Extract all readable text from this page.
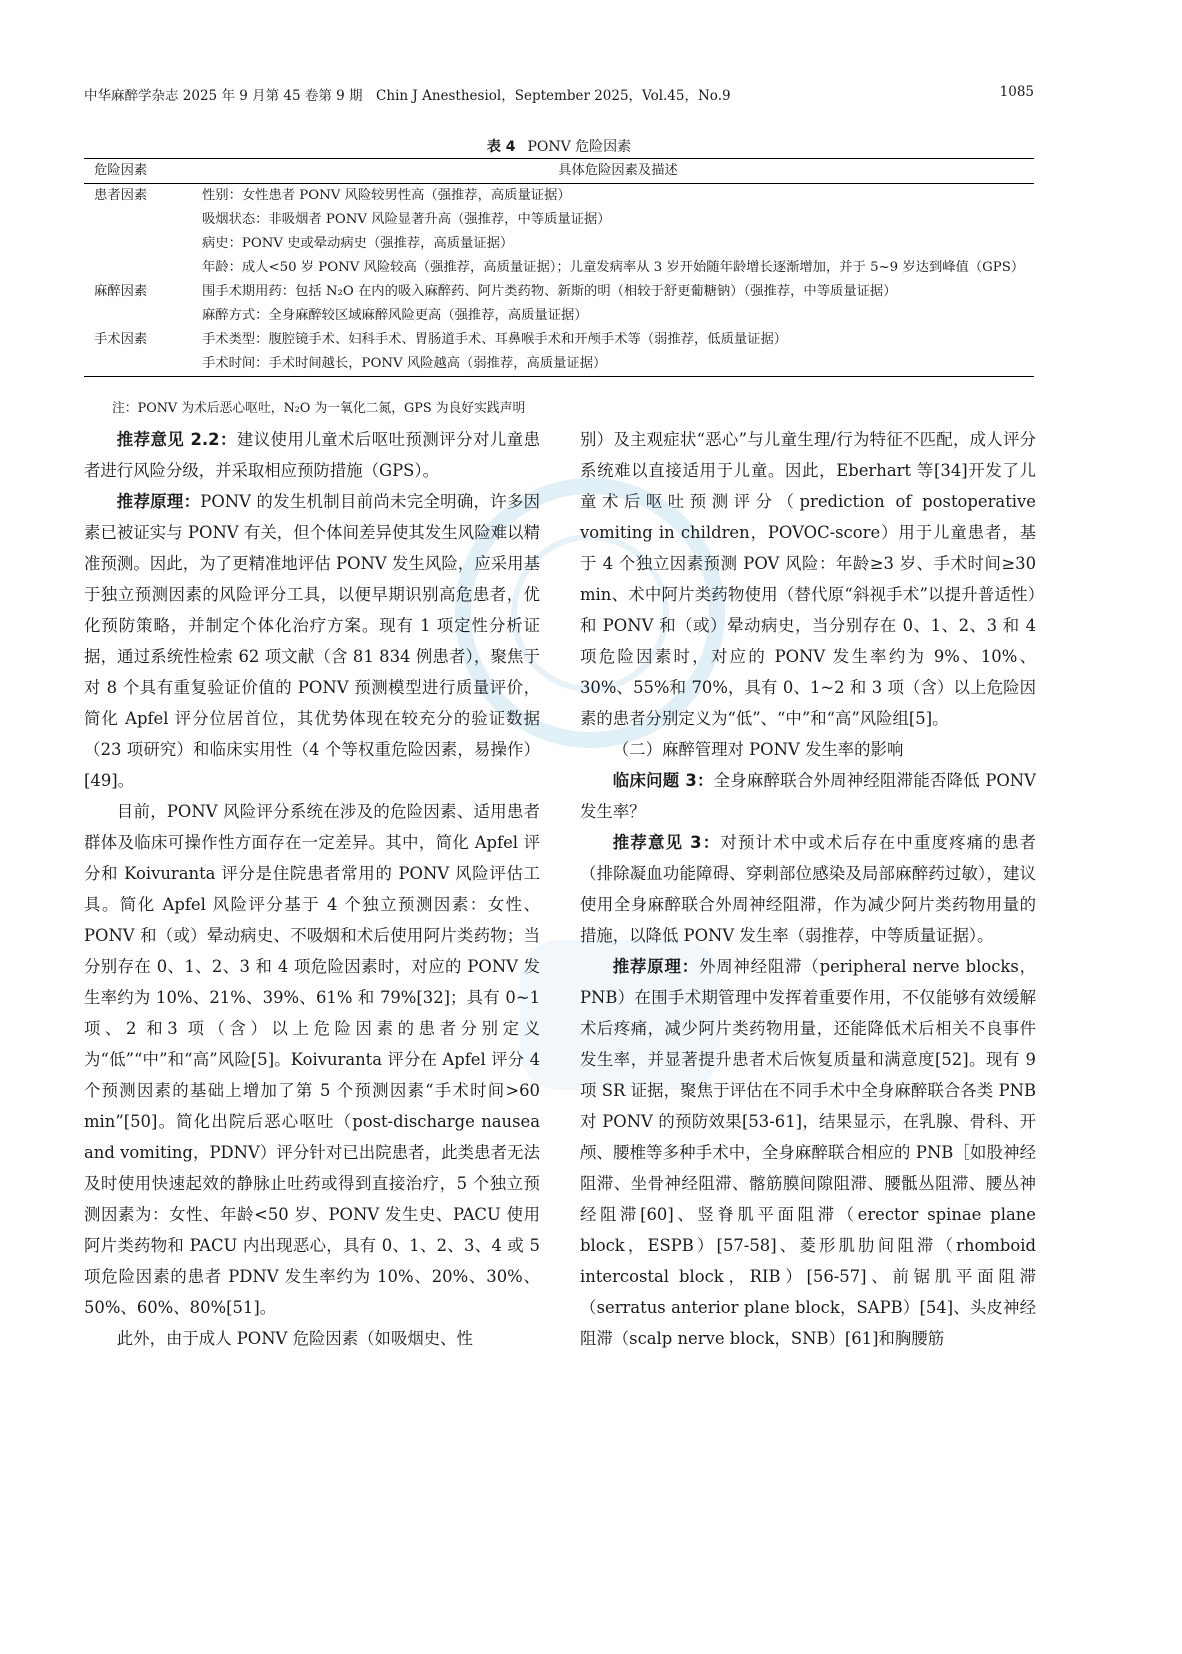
中华麻醉学杂志 2025 年 9 月第 45 卷第 9 期　Chin J Anesthesiol，September 2025，Vol.45，No.9	1085
表 4 PONV 危险因素
危险因素	具体危险因素及描述
患者因素	性别：女性患者 PONV 风险较男性高（强推荐，高质量证据）
吸烟状态：非吸烟者 PONV 风险显著升高（强推荐，中等质量证据）
病史：PONV 史或晕动病史（强推荐，高质量证据）
年龄：成人<50 岁 PONV 风险较高（强推荐，高质量证据）；儿童发病率从 3 岁开始随年龄增长逐渐增加，并于 5~9 岁达到峰值（GPS）
麻醉因素	围手术期用药：包括 N₂O 在内的吸入麻醉药、阿片类药物、新斯的明（相较于舒更葡糖钠）（强推荐，中等质量证据）
麻醉方式：全身麻醉较区域麻醉风险更高（强推荐，高质量证据）
手术因素	手术类型：腹腔镜手术、妇科手术、胃肠道手术、耳鼻喉手术和开颅手术等（弱推荐，低质量证据）
手术时间：手术时间越长，PONV 风险越高（弱推荐，高质量证据）
注：PONV 为术后恶心呕吐，N₂O 为一氧化二氮，GPS 为良好实践声明

推荐意见 2.2：建议使用儿童术后呕吐预测评分对儿童患者进行风险分级，并采取相应预防措施（GPS）。

推荐原理：PONV 的发生机制目前尚未完全明确，许多因素已被证实与 PONV 有关，但个体间差异使其发生风险难以精准预测。因此，为了更精准地评估 PONV 发生风险，应采用基于独立预测因素的风险评分工具，以便早期识别高危患者，优化预防策略，并制定个体化治疗方案。现有 1 项定性分析证据，通过系统性检索 62 项文献（含 81 834 例患者），聚焦于对 8 个具有重复验证价值的 PONV 预测模型进行质量评价，简化 Apfel 评分位居首位，其优势体现在较充分的验证数据（23 项研究）和临床实用性（4 个等权重危险因素，易操作）[49]。

目前，PONV 风险评分系统在涉及的危险因素、适用患者群体及临床可操作性方面存在一定差异。其中，简化 Apfel 评分和 Koivuranta 评分是住院患者常用的 PONV 风险评估工具。简化 Apfel 风险评分基于 4 个独立预测因素：女性、PONV 和（或）晕动病史、不吸烟和术后使用阿片类药物；当分别存在 0、1、2、3 和 4 项危险因素时，对应的 PONV 发生率约为 10%、21%、39%、61% 和 79%[32]；具有 0~1 项、2 和3 项（含）以上危险因素的患者分别定义为“低”“中”和“高”风险[5]。Koivuranta 评分在 Apfel 评分 4 个预测因素的基础上增加了第 5 个预测因素“手术时间>60 min”[50]。简化出院后恶心呕吐（post-discharge nausea and vomiting，PDNV）评分针对已出院患者，此类患者无法及时使用快速起效的静脉止吐药或得到直接治疗，5 个独立预测因素为：女性、年龄<50 岁、PONV 发生史、PACU 使用阿片类药物和 PACU 内出现恶心，具有 0、1、2、3、4 或 5 项危险因素的患者 PDNV 发生率约为 10%、20%、30%、50%、60%、80%[51]。

此外，由于成人 PONV 危险因素（如吸烟史、性

别）及主观症状“恶心”与儿童生理/行为特征不匹配，成人评分系统难以直接适用于儿童。因此，Eberhart 等[34]开发了儿童术后呕吐预测评分（prediction of postoperative vomiting in children，POVOC-score）用于儿童患者，基于 4 个独立因素预测 POV 风险：年龄≥3 岁、手术时间≥30 min、术中阿片类药物使用（替代原“斜视手术”以提升普适性）和 PONV 和（或）晕动病史，当分别存在 0、1、2、3 和 4 项危险因素时，对应的 PONV 发生率约为 9%、10%、30%、55%和 70%，具有 0、1~2 和 3 项（含）以上危险因素的患者分别定义为“低”、“中”和“高”风险组[5]。

（二）麻醉管理对 PONV 发生率的影响

临床问题 3：全身麻醉联合外周神经阻滞能否降低 PONV 发生率？

推荐意见 3：对预计术中或术后存在中重度疼痛的患者（排除凝血功能障碍、穿刺部位感染及局部麻醉药过敏），建议使用全身麻醉联合外周神经阻滞，作为减少阿片类药物用量的措施，以降低 PONV 发生率（弱推荐，中等质量证据）。

推荐原理：外周神经阻滞（peripheral nerve blocks，PNB）在围手术期管理中发挥着重要作用，不仅能够有效缓解术后疼痛，减少阿片类药物用量，还能降低术后相关不良事件发生率，并显著提升患者术后恢复质量和满意度[52]。现有 9 项 SR 证据，聚焦于评估在不同手术中全身麻醉联合各类 PNB 对 PONV 的预防效果[53-61]，结果显示，在乳腺、骨科、开颅、腰椎等多种手术中，全身麻醉联合相应的 PNB［如股神经阻滞、坐骨神经阻滞、髂筋膜间隙阻滞、腰骶丛阻滞、腰丛神经阻滞[60]、竖脊肌平面阻滞（erector spinae plane block，ESPB）[57-58]、菱形肌肋间阻滞（rhomboid intercostal block，RIB）[56-57]、前锯肌平面阻滞（serratus anterior plane block，SAPB）[54]、头皮神经阻滞（scalp nerve block，SNB）[61]和胸腰筋
